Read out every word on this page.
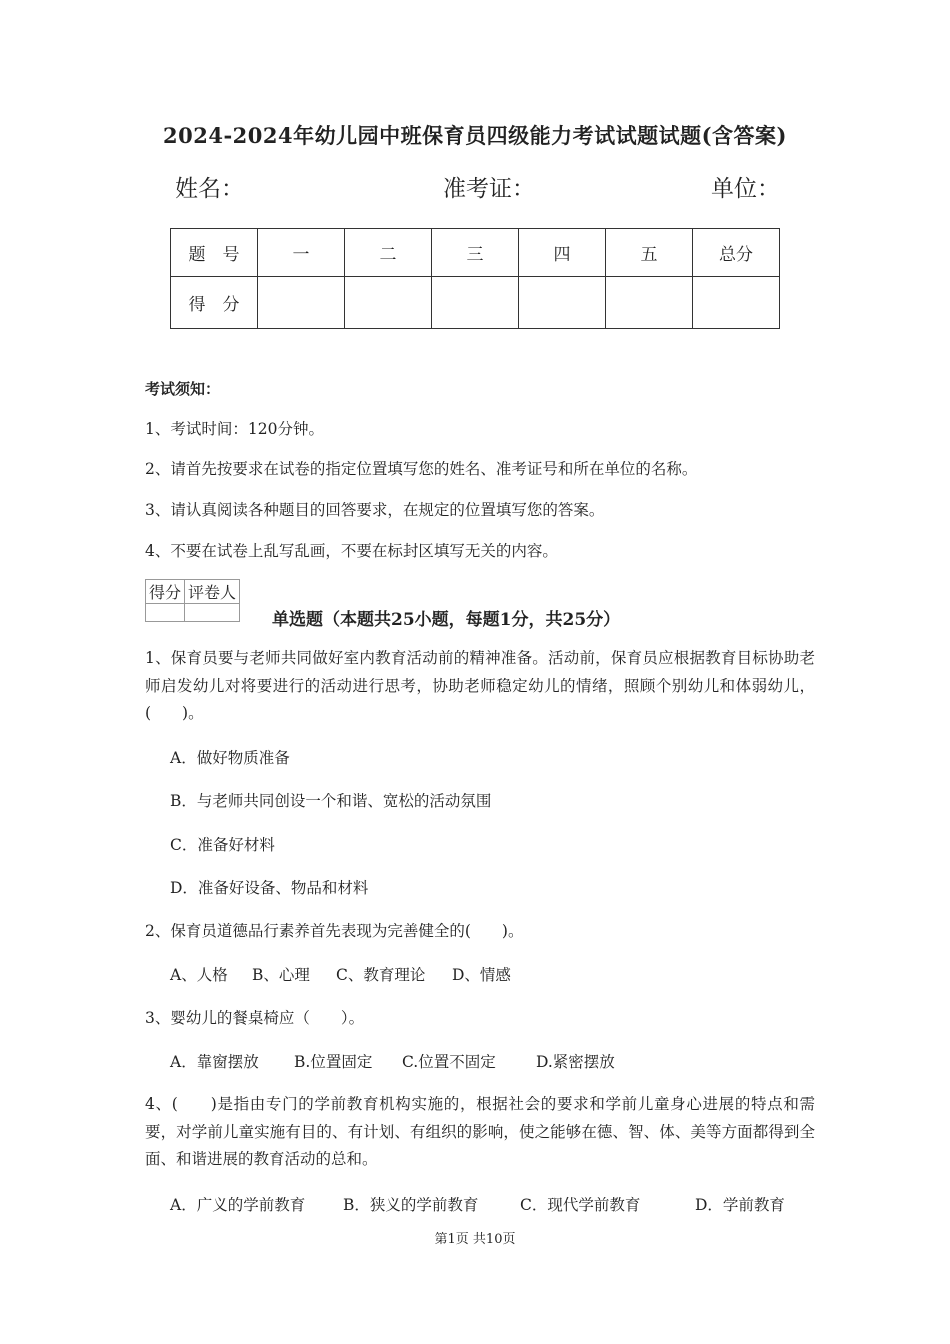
2024-2024年幼儿园中班保育员四级能力考试试题试题(含答案)
姓名：	准考证：	单位：
题　号	一	二	三	四	五	总分
得　分						
考试须知：
1、考试时间：120分钟。
2、请首先按要求在试卷的指定位置填写您的姓名、准考证号和所在单位的名称。
3、请认真阅读各种题目的回答要求，在规定的位置填写您的答案。
4、不要在试卷上乱写乱画，不要在标封区填写无关的内容。
得分	评卷人

单选题（本题共25小题，每题1分，共25分）
1、保育员要与老师共同做好室内教育活动前的精神准备。活动前，保育员应根据教育目标协助老师启发幼儿对将要进行的活动进行思考，协助老师稳定幼儿的情绪，照顾个别幼儿和体弱幼儿，(　　)。
A．做好物质准备
B．与老师共同创设一个和谐、宽松的活动氛围
C．准备好材料
D．准备好设备、物品和材料
2、保育员道德品行素养首先表现为完善健全的(　　)。
A、人格 B、心理 C、教育理论 D、情感
3、婴幼儿的餐桌椅应（　　）。
A．靠窗摆放 B.位置固定 C.位置不固定	D.紧密摆放
4、(　　)是指由专门的学前教育机构实施的，根据社会的要求和学前儿童身心进展的特点和需要，对学前儿童实施有目的、有计划、有组织的影响，使之能够在德、智、体、美等方面都得到全面、和谐进展的教育活动的总和。
A．广义的学前教育 B．狭义的学前教育	C．现代学前教育	D．学前教育
第1页 共10页
